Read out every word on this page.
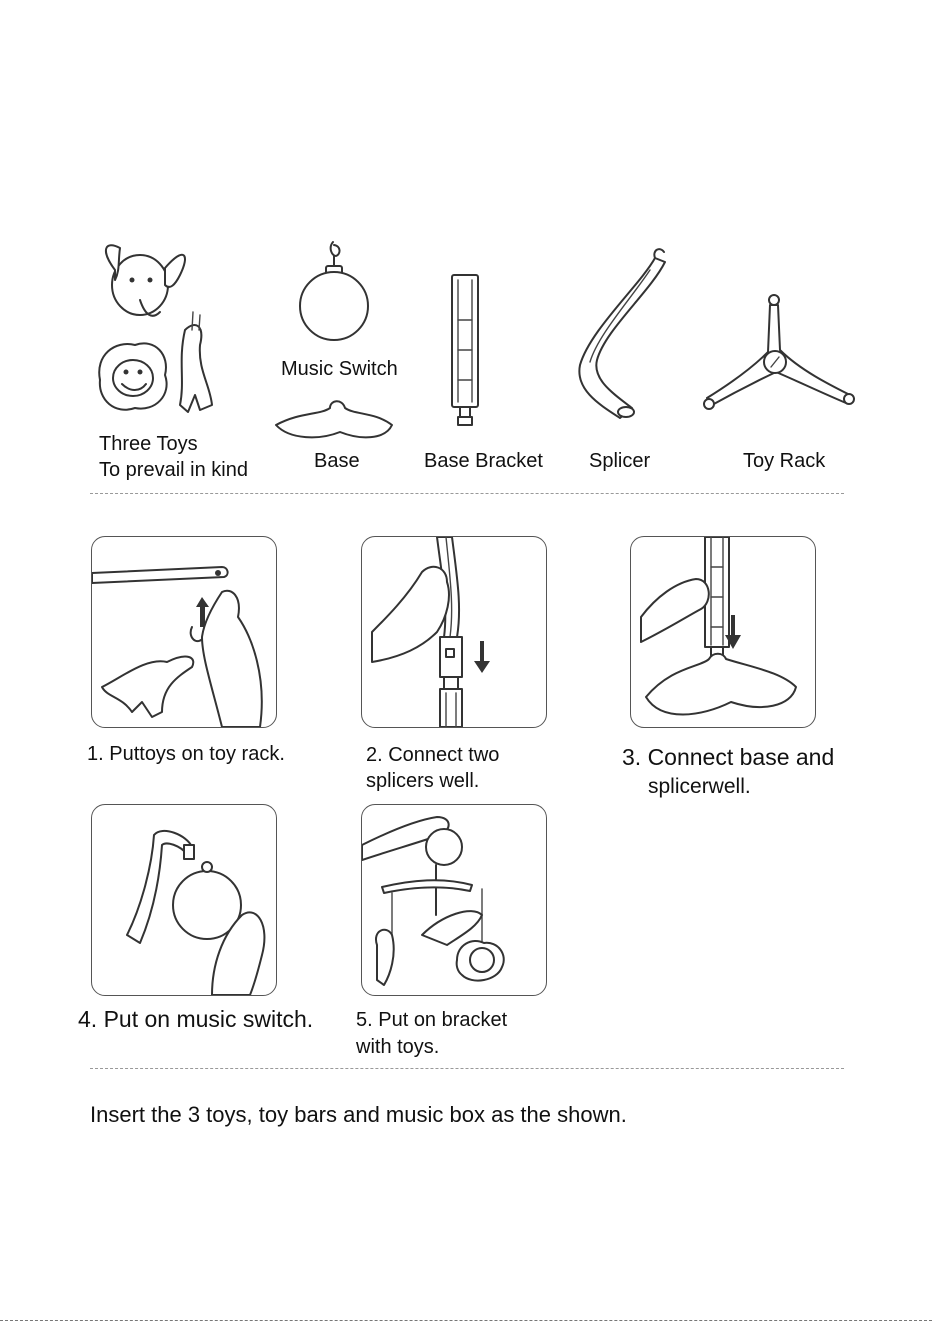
Three Toys
To prevail in kind
Music Switch
Base	Base Bracket Splicer	Toy Rack
1. Puttoys on toy rack.	2. Connect two
splicers well.
3. Connect base and
splicerwell.
4. Put on music switch. 5. Put on bracket
with toys.
Insert the 3 toys, toy bars and music box as the shown.
